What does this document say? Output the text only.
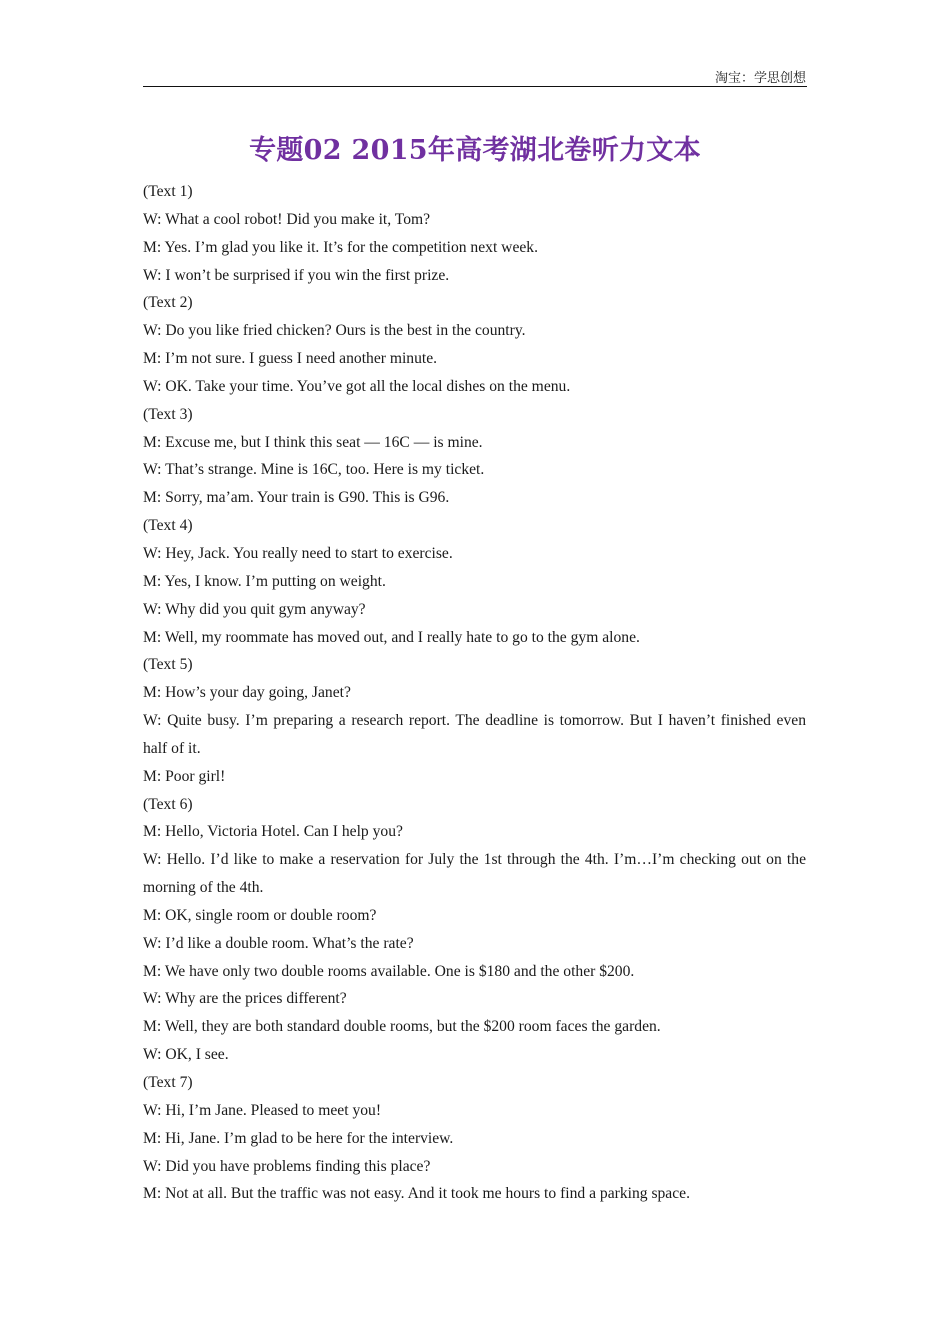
淘宝：学思创想
专题02 2015年高考湖北卷听力文本

(Text 1)

W: What a cool robot! Did you make it, Tom?

M: Yes. I’m glad you like it. It’s for the competition next week.

W: I won’t be surprised if you win the first prize.

(Text 2)

W: Do you like fried chicken? Ours is the best in the country.

M: I’m not sure. I guess I need another minute.

W: OK. Take your time. You’ve got all the local dishes on the menu.

(Text 3)

M: Excuse me, but I think this seat — 16C — is mine.

W: That’s strange. Mine is 16C, too. Here is my ticket.

M: Sorry, ma’am. Your train is G90. This is G96.

(Text 4)

W: Hey, Jack. You really need to start to exercise.

M: Yes, I know. I’m putting on weight.

W: Why did you quit gym anyway?

M: Well, my roommate has moved out, and I really hate to go to the gym alone.

(Text 5)

M: How’s your day going, Janet?

W: Quite busy. I’m preparing a research report. The deadline is tomorrow. But I haven’t finished even half of it.

M: Poor girl!

(Text 6)

M: Hello, Victoria Hotel. Can I help you?

W: Hello. I’d like to make a reservation for July the 1st through the 4th. I’m…I’m checking out on the morning of the 4th.

M: OK, single room or double room?

W: I’d like a double room. What’s the rate?

M: We have only two double rooms available. One is $180 and the other $200.

W: Why are the prices different?

M: Well, they are both standard double rooms, but the $200 room faces the garden.

W: OK, I see.

(Text 7)

W: Hi, I’m Jane. Pleased to meet you!

M: Hi, Jane. I’m glad to be here for the interview.

W: Did you have problems finding this place?

M: Not at all. But the traffic was not easy. And it took me hours to find a parking space.
